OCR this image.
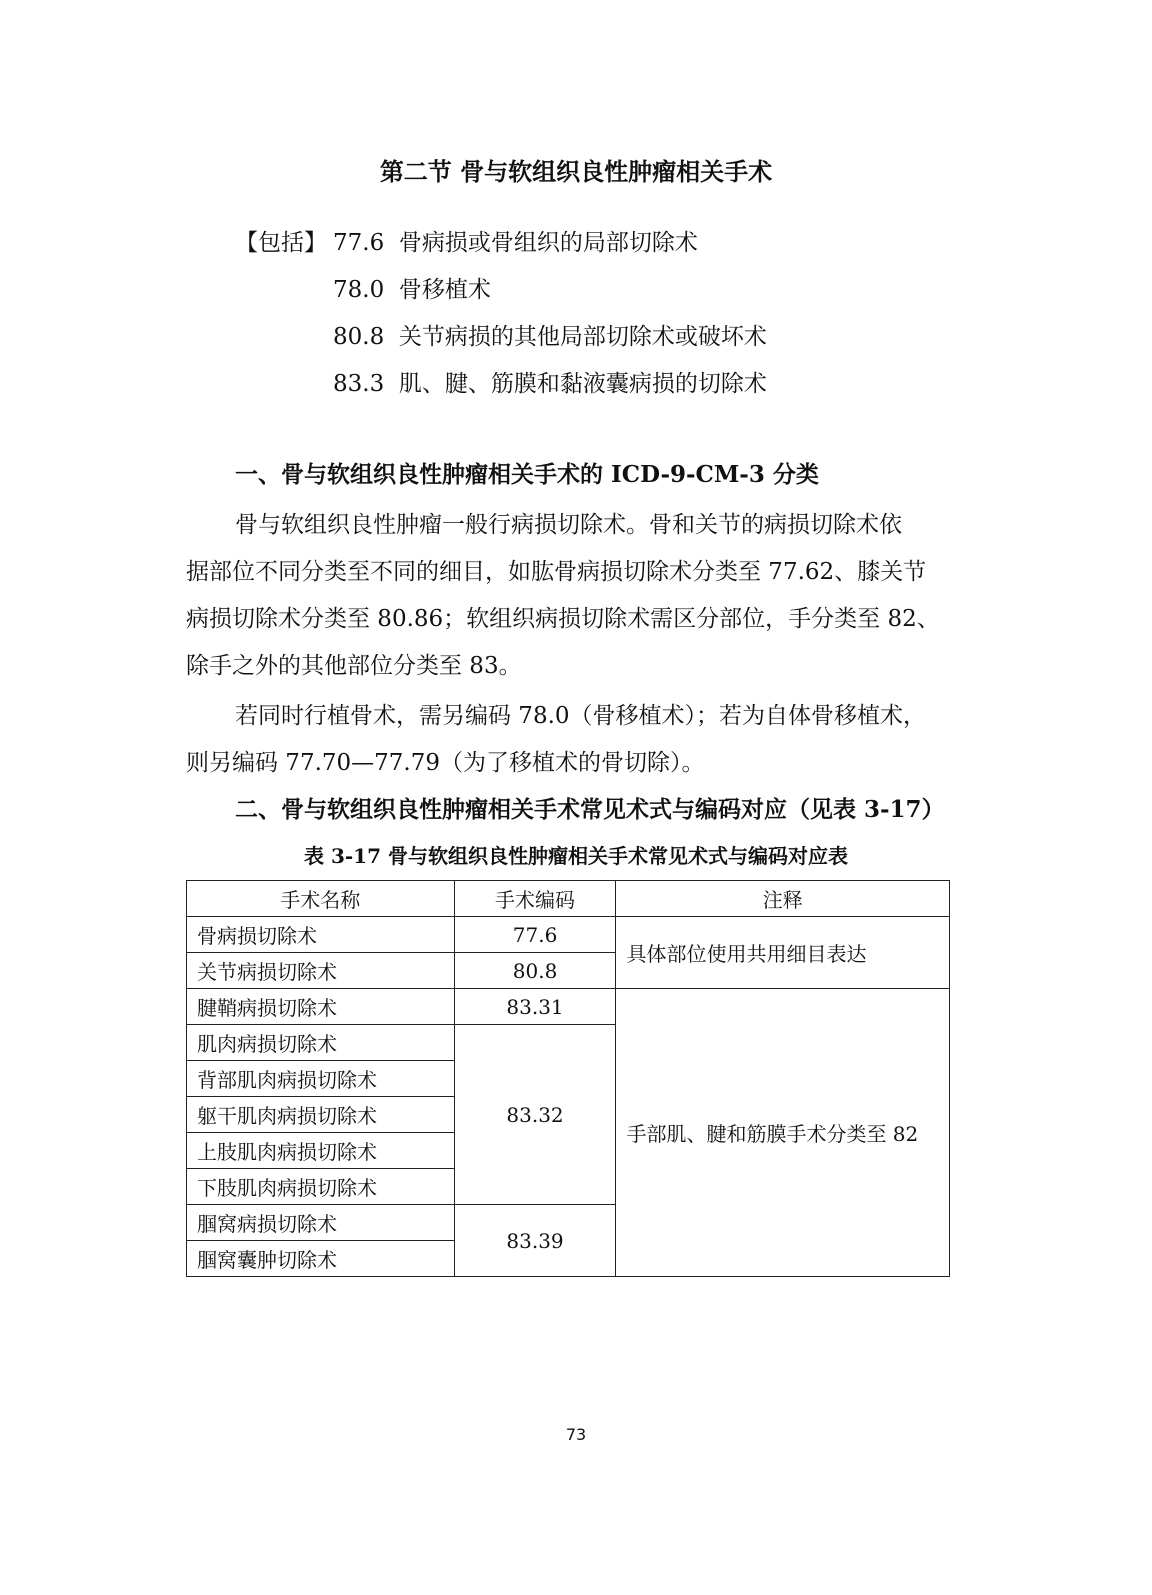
第二节 骨与软组织良性肿瘤相关手术
【包括】 77.6 骨病损或骨组织的局部切除术
78.0 骨移植术
80.8 关节病损的其他局部切除术或破坏术
83.3 肌、腱、筋膜和黏液囊病损的切除术
一、骨与软组织良性肿瘤相关手术的 ICD-9-CM-3 分类
骨与软组织良性肿瘤一般行病损切除术。骨和关节的病损切除术依
据部位不同分类至不同的细目，如肱骨病损切除术分类至 77.62、膝关节
病损切除术分类至 80.86；软组织病损切除术需区分部位，手分类至 82、
除手之外的其他部位分类至 83。
若同时行植骨术，需另编码 78.0（骨移植术）；若为自体骨移植术，
则另编码 77.70—77.79（为了移植术的骨切除）。
二、骨与软组织良性肿瘤相关手术常见术式与编码对应（见表 3-17）
表 3-17 骨与软组织良性肿瘤相关手术常见术式与编码对应表
手术名称	手术编码	注释
骨病损切除术	77.6	具体部位使用共用细目表达
关节病损切除术	80.8	
腱鞘病损切除术	83.31	手部肌、腱和筋膜手术分类至 82
肌肉病损切除术	83.32	
背部肌肉病损切除术		
躯干肌肉病损切除术		
上肢肌肉病损切除术		
下肢肌肉病损切除术		
腘窝病损切除术	83.39	
腘窝囊肿切除术		
73
